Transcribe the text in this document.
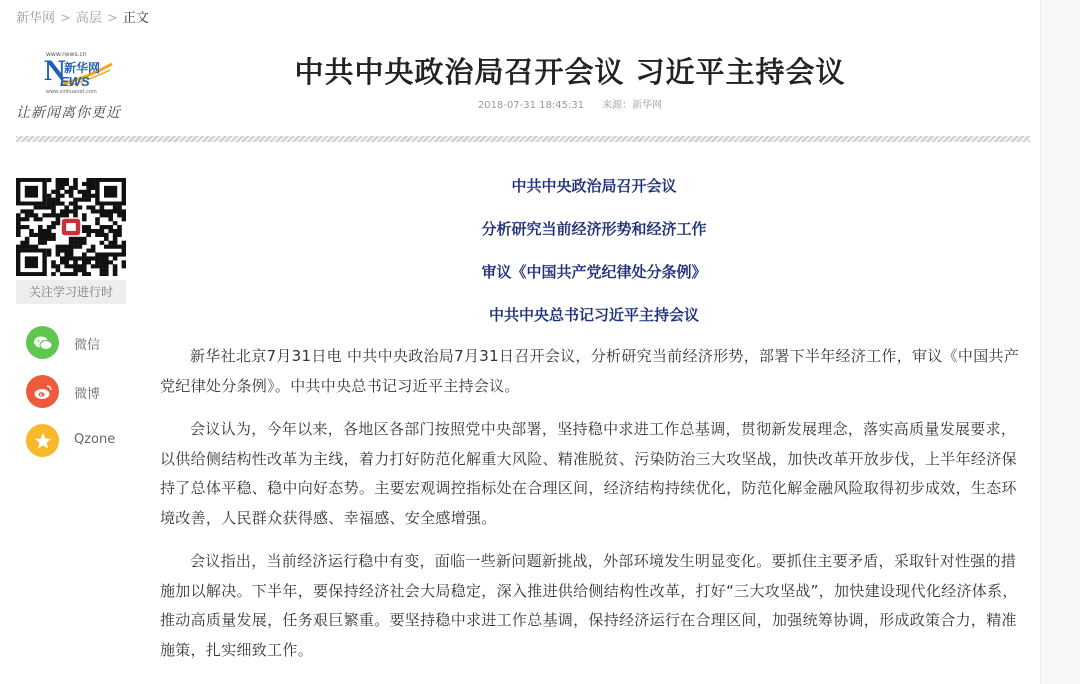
新华网 > 高层 > 正文
www.news.cn
N
新华网
EWS
www.xinhuanet.com
让新闻离你更近
中共中央政治局召开会议 习近平主持会议
2018-07-31 18:45:31 来源：新华网
关注学习进行时
微信
微博
Qzone
中共中央政治局召开会议
分析研究当前经济形势和经济工作
审议《中国共产党纪律处分条例》
中共中央总书记习近平主持会议

新华社北京7月31日电 中共中央政治局7月31日召开会议，分析研究当前经济形势，部署下半年经济工作，审议《中国共产党纪律处分条例》。中共中央总书记习近平主持会议。

会议认为，今年以来，各地区各部门按照党中央部署，坚持稳中求进工作总基调，贯彻新发展理念，落实高质量发展要求，以供给侧结构性改革为主线，着力打好防范化解重大风险、精准脱贫、污染防治三大攻坚战，加快改革开放步伐，上半年经济保持了总体平稳、稳中向好态势。主要宏观调控指标处在合理区间，经济结构持续优化，防范化解金融风险取得初步成效，生态环境改善，人民群众获得感、幸福感、安全感增强。

会议指出，当前经济运行稳中有变，面临一些新问题新挑战，外部环境发生明显变化。要抓住主要矛盾，采取针对性强的措施加以解决。下半年，要保持经济社会大局稳定，深入推进供给侧结构性改革，打好“三大攻坚战”，加快建设现代化经济体系，推动高质量发展，任务艰巨繁重。要坚持稳中求进工作总基调，保持经济运行在合理区间，加强统筹协调，形成政策合力，精准施策，扎实细致工作。
